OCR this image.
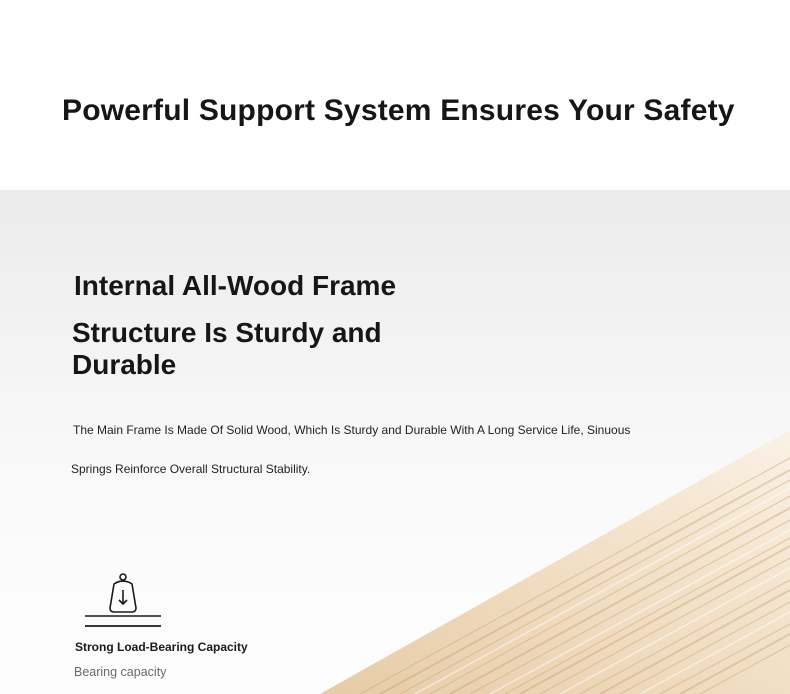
Powerful Support System Ensures Your Safety
Internal All-Wood Frame
Structure Is Sturdy and Durable

The Main Frame Is Made Of Solid Wood, Which Is Sturdy and Durable With A Long Service Life, Sinuous

Springs Reinforce Overall Structural Stability.

Strong Load-Bearing Capacity

Bearing capacity
